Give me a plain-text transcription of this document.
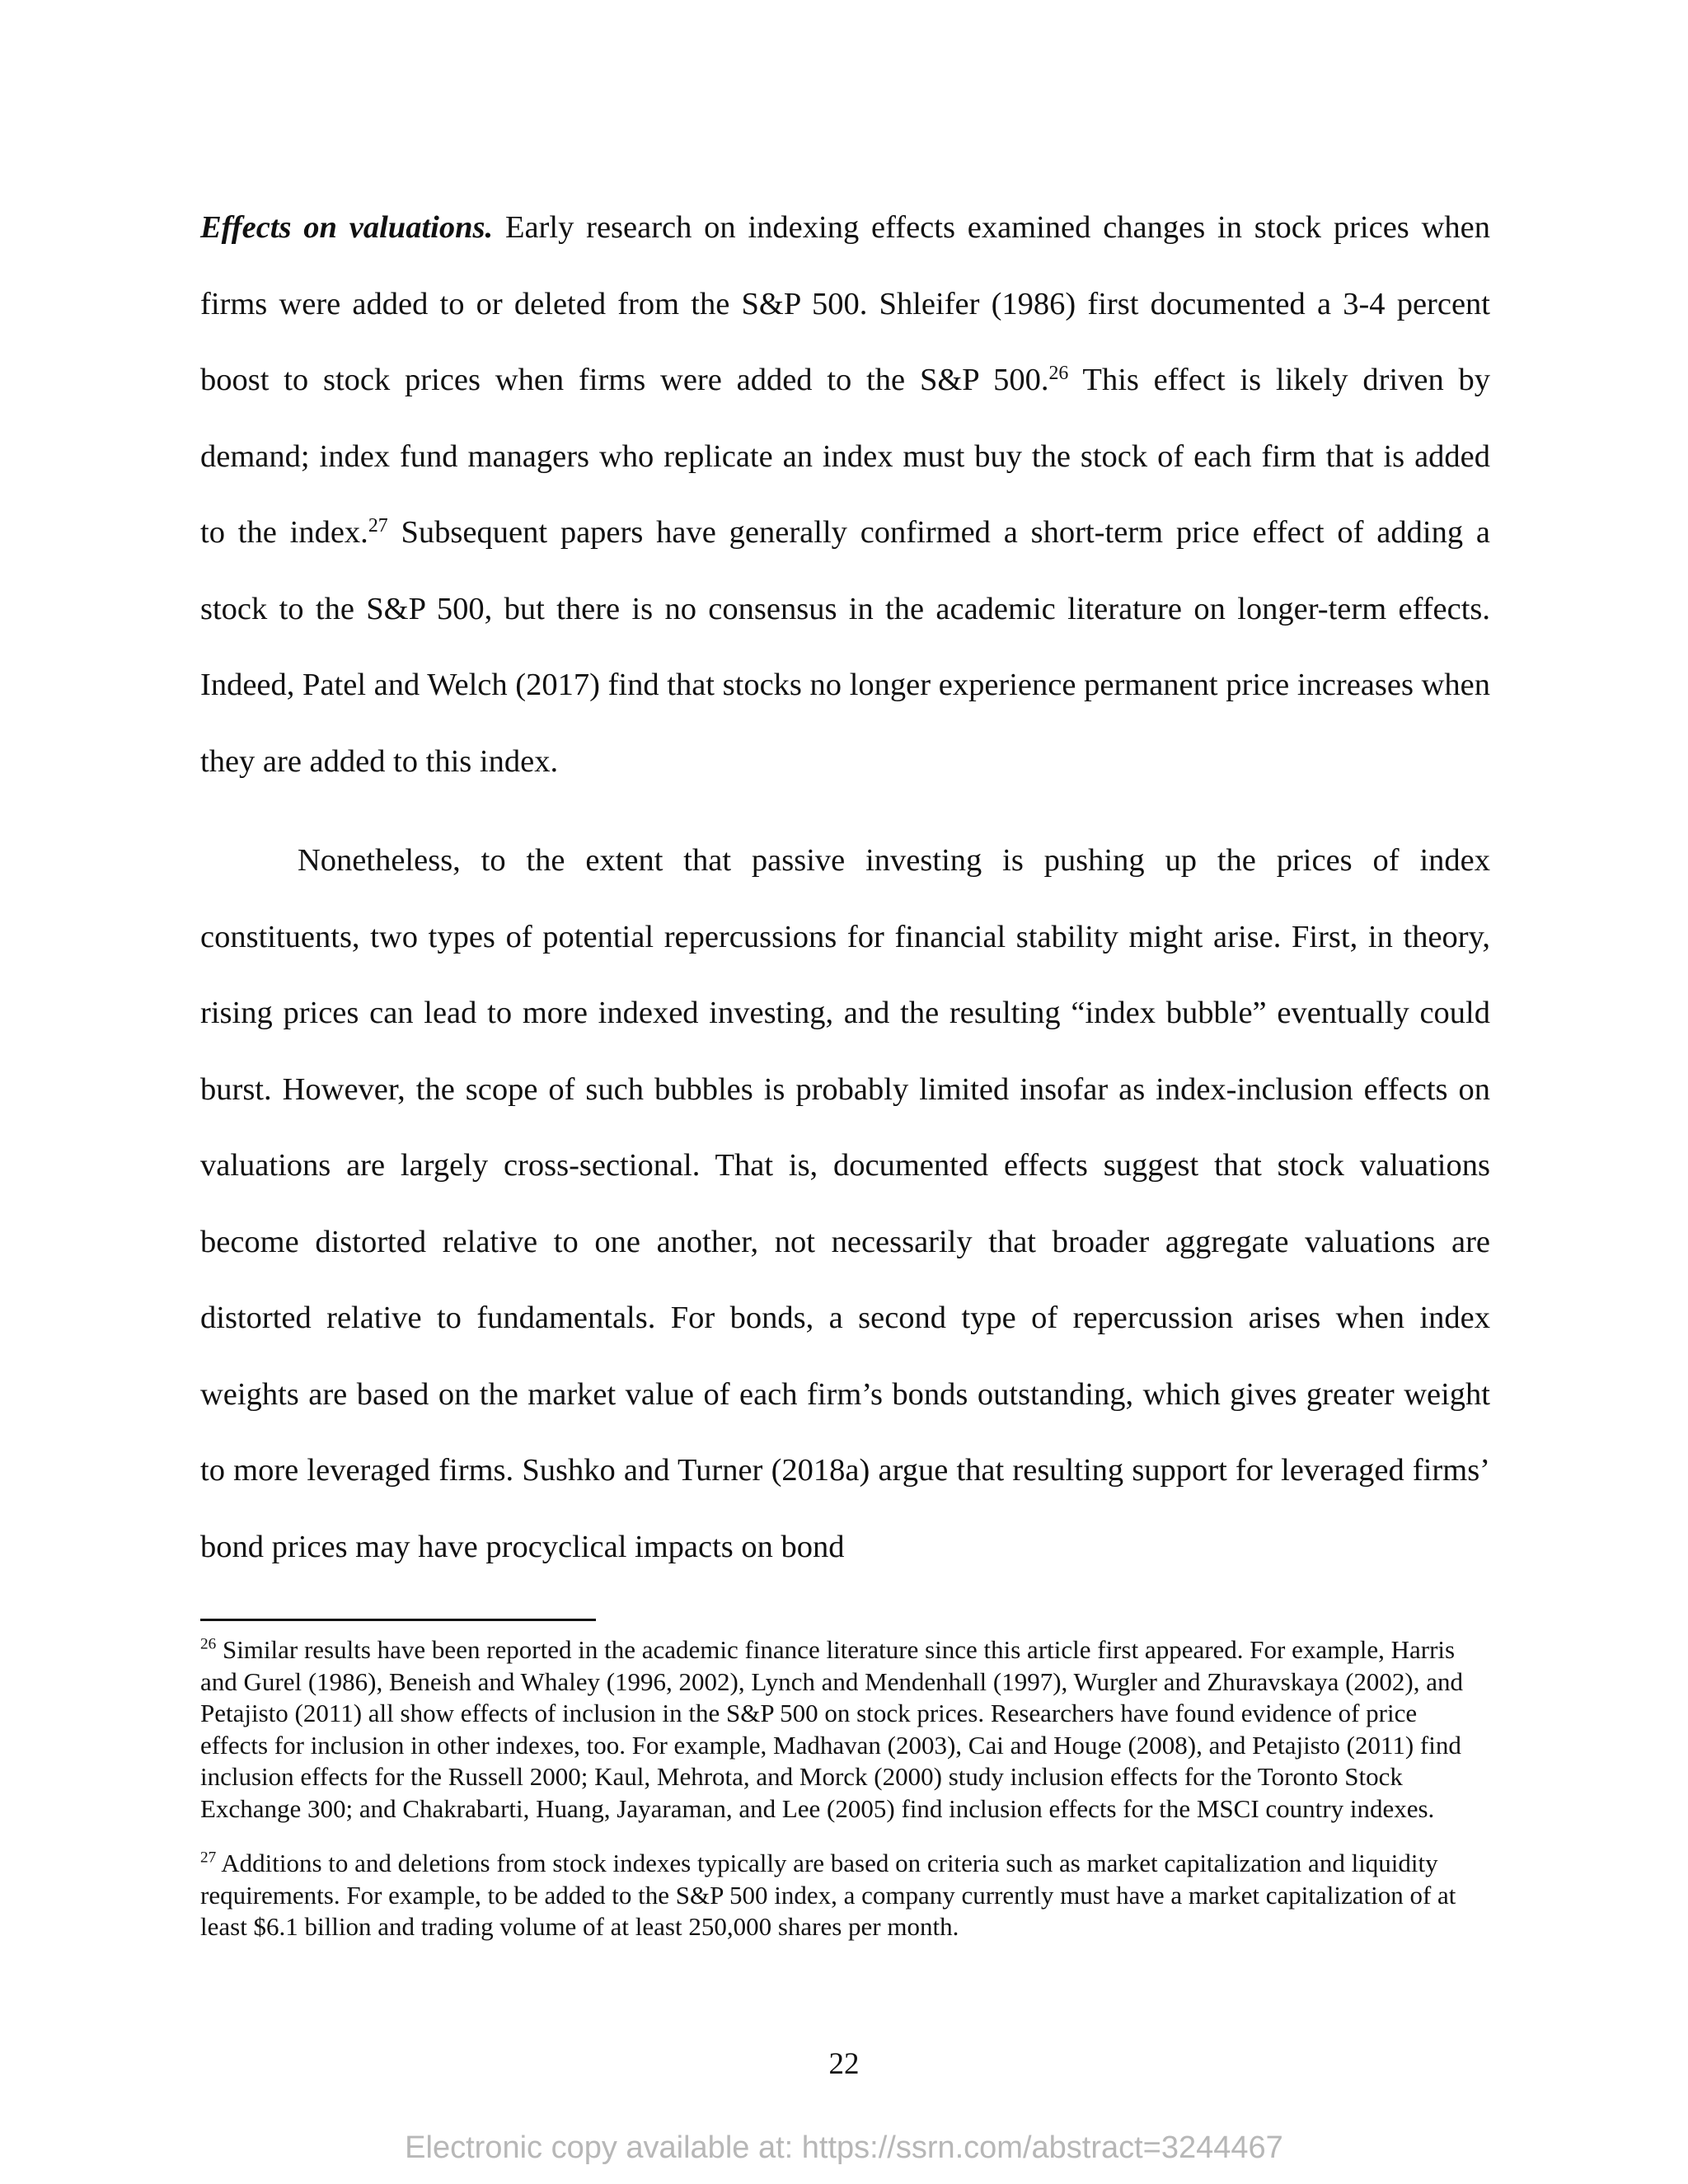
Effects on valuations. Early research on indexing effects examined changes in stock prices when firms were added to or deleted from the S&P 500. Shleifer (1986) first documented a 3-4 percent boost to stock prices when firms were added to the S&P 500.26 This effect is likely driven by demand; index fund managers who replicate an index must buy the stock of each firm that is added to the index.$^{27}$ Subsequent papers have generally confirmed a short-term price effect of adding a stock to the S&P 500, but there is no consensus in the academic literature on longer-term effects. Indeed, Patel and Welch (2017) find that stocks no longer experience permanent price increases when they are added to this index.

Nonetheless, to the extent that passive investing is pushing up the prices of index constituents, two types of potential repercussions for financial stability might arise. First, in theory, rising prices can lead to more indexed investing, and the resulting “index bubble” eventually could burst. However, the scope of such bubbles is probably limited insofar as index-inclusion effects on valuations are largely cross-sectional. That is, documented effects suggest that stock valuations become distorted relative to one another, not necessarily that broader aggregate valuations are distorted relative to fundamentals. For bonds, a second type of repercussion arises when index weights are based on the market value of each firm’s bonds outstanding, which gives greater weight to more leveraged firms. Sushko and Turner (2018a) argue that resulting support for leveraged firms’ bond prices may have procyclical impacts on bond

$^{26}$ Similar results have been reported in the academic finance literature since this article first appeared. For example, Harris and Gurel (1986), Beneish and Whaley (1996, 2002), Lynch and Mendenhall (1997), Wurgler and Zhuravskaya (2002), and Petajisto (2011) all show effects of inclusion in the S&P 500 on stock prices. Researchers have found evidence of price effects for inclusion in other indexes, too. For example, Madhavan (2003), Cai and Houge (2008), and Petajisto (2011) find inclusion effects for the Russell 2000; Kaul, Mehrota, and Morck (2000) study inclusion effects for the Toronto Stock Exchange 300; and Chakrabarti, Huang, Jayaraman, and Lee (2005) find inclusion effects for the MSCI country indexes.

$^{27}$ Additions to and deletions from stock indexes typically are based on criteria such as market capitalization and liquidity requirements. For example, to be added to the S&P 500 index, a company currently must have a market capitalization of at least $6.1 billion and trading volume of at least 250,000 shares per month.

22
Electronic copy available at: https://ssrn.com/abstract=3244467
